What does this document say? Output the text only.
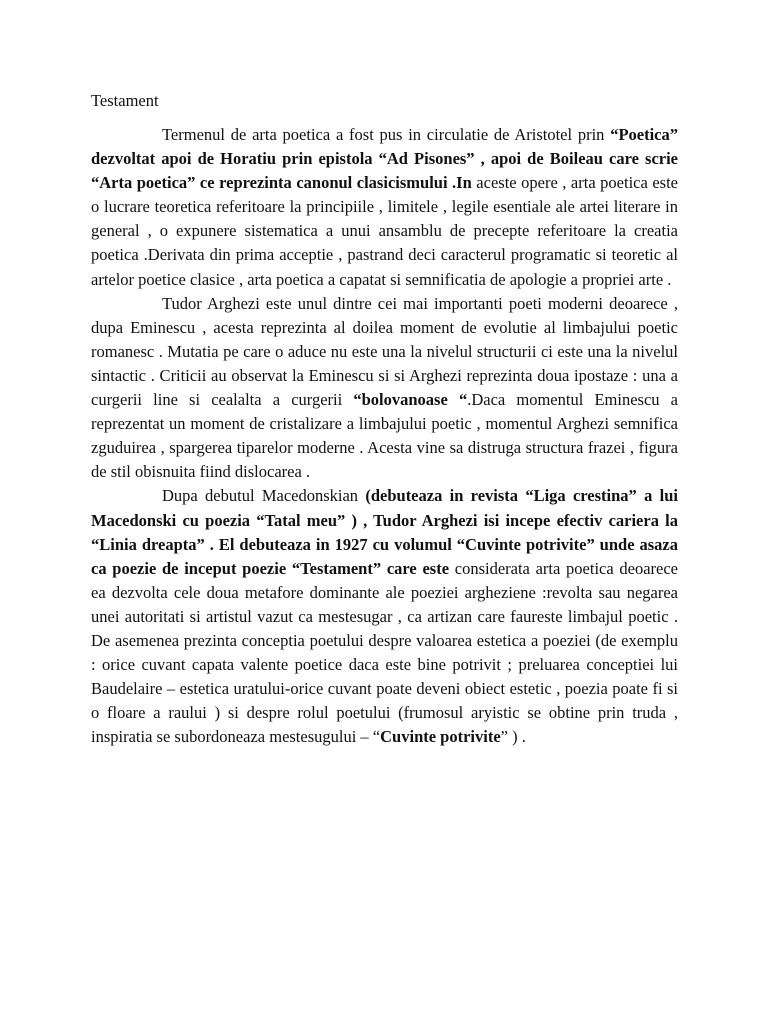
Testament

Termenul de arta poetica a fost pus in circulatie de Aristotel prin “Poetica” dezvoltat apoi de Horatiu prin epistola “Ad Pisones” , apoi de Boileau care scrie “Arta poetica” ce reprezinta canonul clasicismului .In aceste opere , arta poetica este o lucrare teoretica referitoare la principiile , limitele , legile esentiale ale artei literare in general , o expunere sistematica a unui ansamblu de precepte referitoare la creatia poetica .Derivata din prima acceptie , pastrand deci caracterul programatic si teoretic al artelor poetice clasice , arta poetica a capatat si semnificatia de apologie a propriei arte .

Tudor Arghezi este unul dintre cei mai importanti poeti moderni deoarece , dupa Eminescu , acesta reprezinta al doilea moment de evolutie al limbajului poetic romanesc . Mutatia pe care o aduce nu este una la nivelul structurii ci este una la nivelul sintactic . Criticii au observat la Eminescu si si Arghezi reprezinta doua ipostaze : una a curgerii line si cealalta a curgerii “bolovanoase “.Daca momentul Eminescu a reprezentat un moment de cristalizare a limbajului poetic , momentul Arghezi semnifica zguduirea , spargerea tiparelor moderne . Acesta vine sa distruga structura frazei , figura de stil obisnuita fiind dislocarea .

Dupa debutul Macedonskian (debuteaza in revista “Liga crestina” a lui Macedonski cu poezia “Tatal meu” ) , Tudor Arghezi isi incepe efectiv cariera la “Linia dreapta” . El debuteaza in 1927 cu volumul “Cuvinte potrivite” unde asaza ca poezie de inceput poezie “Testament” care este considerata arta poetica deoarece ea dezvolta cele doua metafore dominante ale poeziei argheziene :revolta sau negarea unei autoritati si artistul vazut ca mestesugar , ca artizan care faureste limbajul poetic . De asemenea prezinta conceptia poetului despre valoarea estetica a poeziei (de exemplu : orice cuvant capata valente poetice daca este bine potrivit ; preluarea conceptiei lui Baudelaire – estetica uratului-orice cuvant poate deveni obiect estetic , poezia poate fi si o floare a raului ) si despre rolul poetului (frumosul aryistic se obtine prin truda , inspiratia se subordoneaza mestesugului – “Cuvinte potrivite” ) .
